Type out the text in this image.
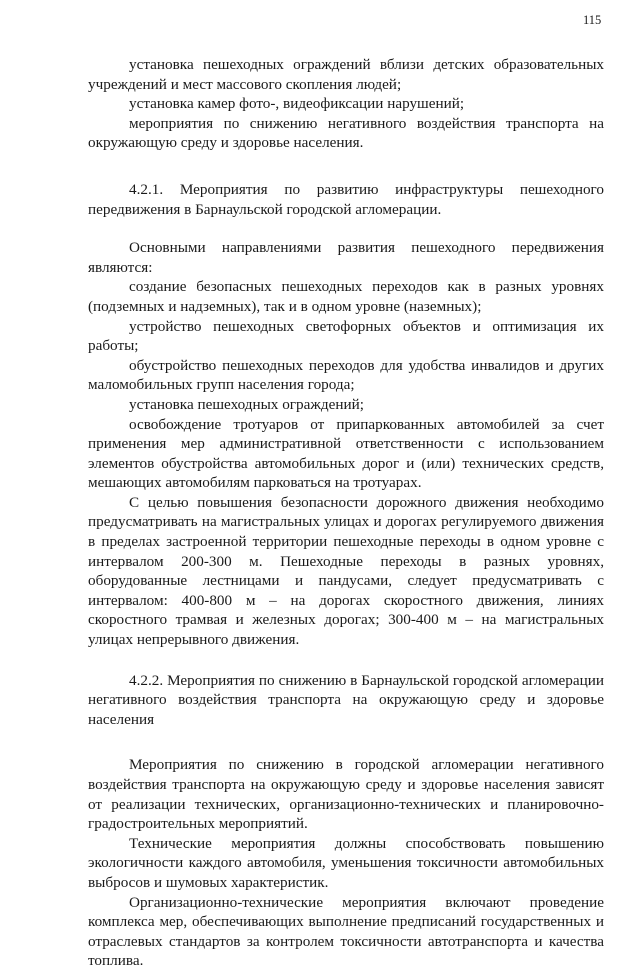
115

установка пешеходных ограждений вблизи детских образовательных учреждений и мест массового скопления людей;

установка камер фото-, видеофиксации нарушений;

мероприятия по снижению негативного воздействия транспорта на окружающую среду и здоровье населения.

4.2.1. Мероприятия по развитию инфраструктуры пешеходного передвижения в Барнаульской городской агломерации.

Основными направлениями развития пешеходного передвижения являются:

создание безопасных пешеходных переходов как в разных уровнях (подземных и надземных), так и в одном уровне (наземных);

устройство пешеходных светофорных объектов и оптимизация их работы;

обустройство пешеходных переходов для удобства инвалидов и других маломобильных групп населения города;

установка пешеходных ограждений;

освобождение тротуаров от припаркованных автомобилей за счет применения мер административной ответственности с использованием элементов обустройства автомобильных дорог и (или) технических средств, мешающих автомобилям парковаться на тротуарах.

С целью повышения безопасности дорожного движения необходимо предусматривать на магистральных улицах и дорогах регулируемого движения в пределах застроенной территории пешеходные переходы в одном уровне с интервалом 200-300 м. Пешеходные переходы в разных уровнях, оборудованные лестницами и пандусами, следует предусматривать с интервалом: 400-800 м – на дорогах скоростного движения, линиях скоростного трамвая и железных дорогах; 300-400 м – на магистральных улицах непрерывного движения.

4.2.2. Мероприятия по снижению в Барнаульской городской агломерации негативного воздействия транспорта на окружающую среду и здоровье населения

Мероприятия по снижению в городской агломерации негативного воздействия транспорта на окружающую среду и здоровье населения зависят от реализации технических, организационно-технических и планировочно-градостроительных мероприятий.

Технические мероприятия должны способствовать повышению экологичности каждого автомобиля, уменьшения токсичности автомобильных выбросов и шумовых характеристик.

Организационно-технические мероприятия включают проведение комплекса мер, обеспечивающих выполнение предписаний государственных и отраслевых стандартов за контролем токсичности автотранспорта и качества топлива.
